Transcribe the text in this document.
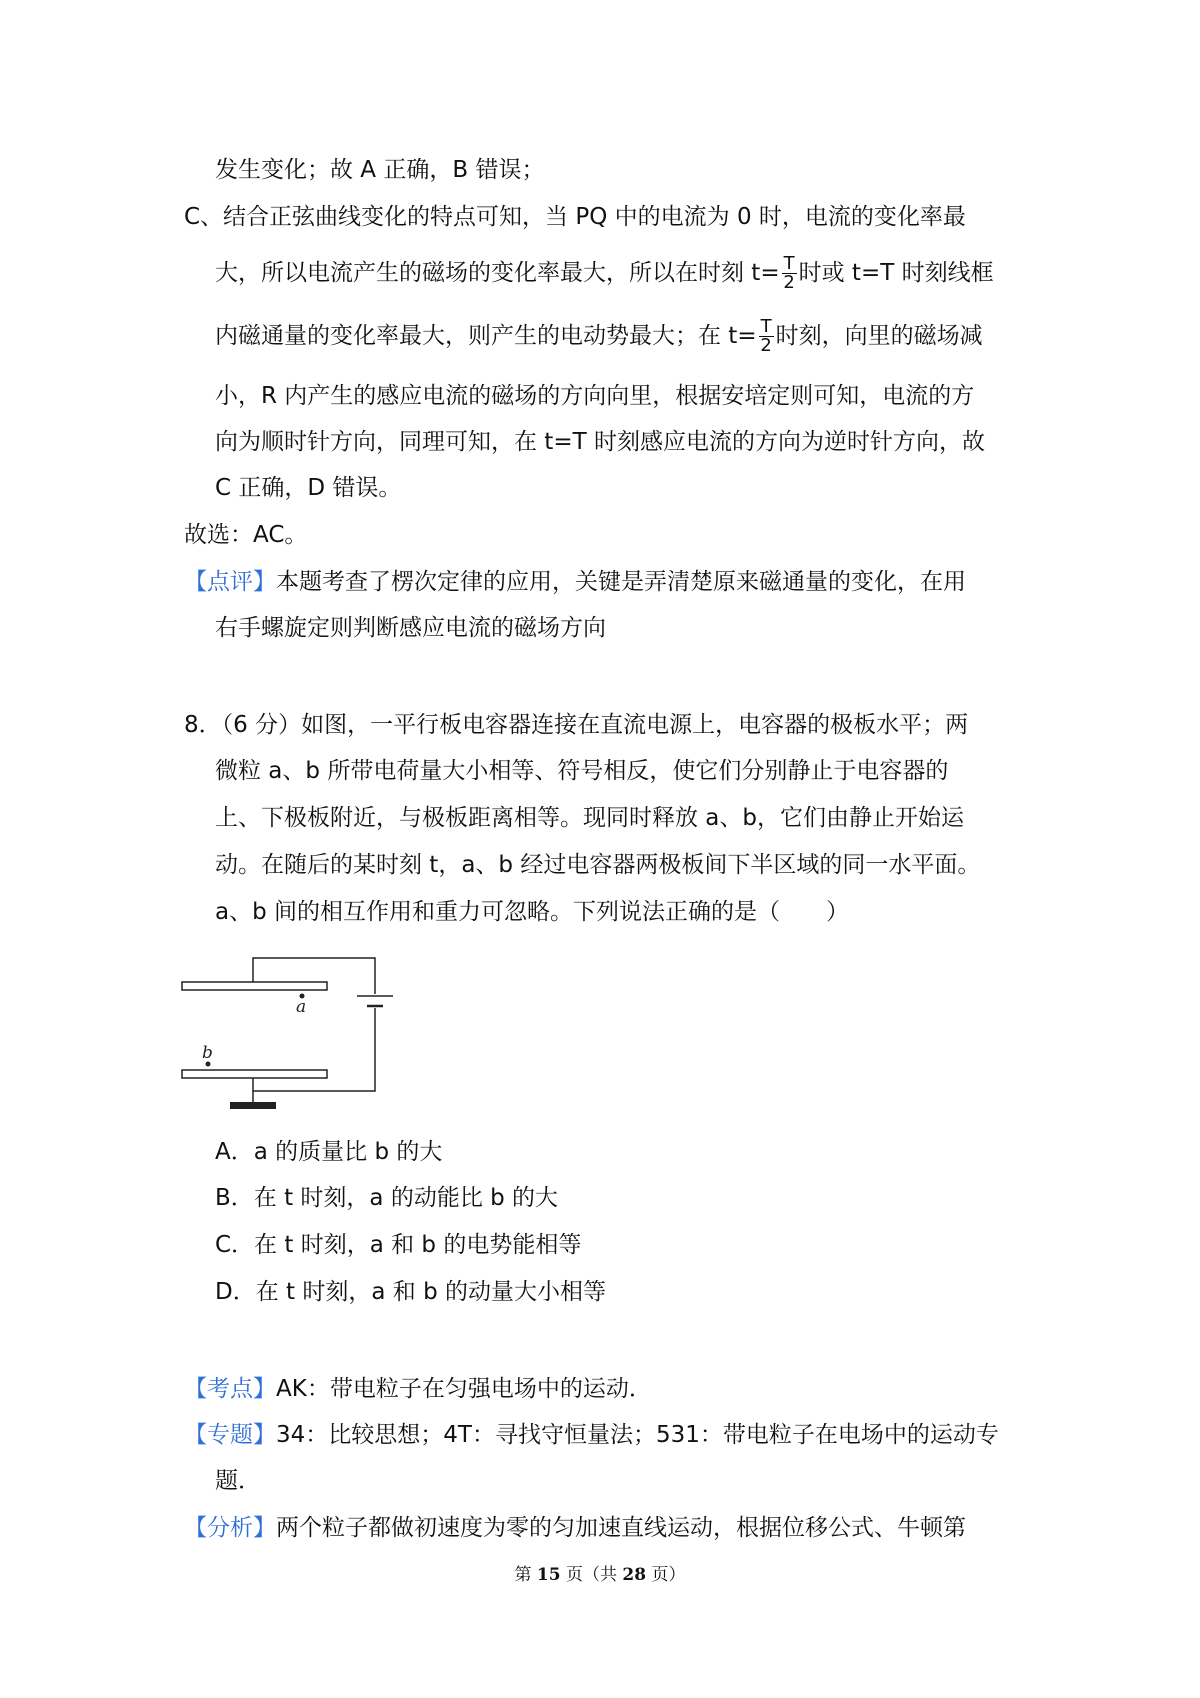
发生变化；故 A 正确，B 错误；
C、结合正弦曲线变化的特点可知，当 PQ 中的电流为 0 时，电流的变化率最
大，所以电流产生的磁场的变化率最大，所以在时刻 $t= \frac{T}{2}$ 时或 t=T 时刻线框
内磁通量的变化率最大，则产生的电动势最大；在 $t= \frac{T}{2}$ 时刻，向里的磁场减
小，R 内产生的感应电流的磁场的方向向里，根据安培定则可知，电流的方
向为顺时针方向，同理可知，在 t=T 时刻感应电流的方向为逆时针方向，故
C 正确，D 错误。
故选：AC。
【点评】本题考查了楞次定律的应用，关键是弄清楚原来磁通量的变化，在用
右手螺旋定则判断感应电流的磁场方向
8．（6 分）如图，一平行板电容器连接在直流电源上，电容器的极板水平；两
微粒 a、b 所带电荷量大小相等、符号相反，使它们分别静止于电容器的
上、下极板附近，与极板距离相等。现同时释放 a、b，它们由静止开始运
动。在随后的某时刻 t，a、b 经过电容器两极板间下半区域的同一水平面。
a、b 间的相互作用和重力可忽略。下列说法正确的是（　　）
a
b
A．a 的质量比 b 的大
B．在 t 时刻，a 的动能比 b 的大
C．在 t 时刻，a 和 b 的电势能相等
D．在 t 时刻，a 和 b 的动量大小相等
【考点】AK：带电粒子在匀强电场中的运动．
【专题】34：比较思想；4T：寻找守恒量法；531：带电粒子在电场中的运动专
题．
【分析】两个粒子都做初速度为零的匀加速直线运动，根据位移公式、牛顿第
第 15 页（共 28 页）
